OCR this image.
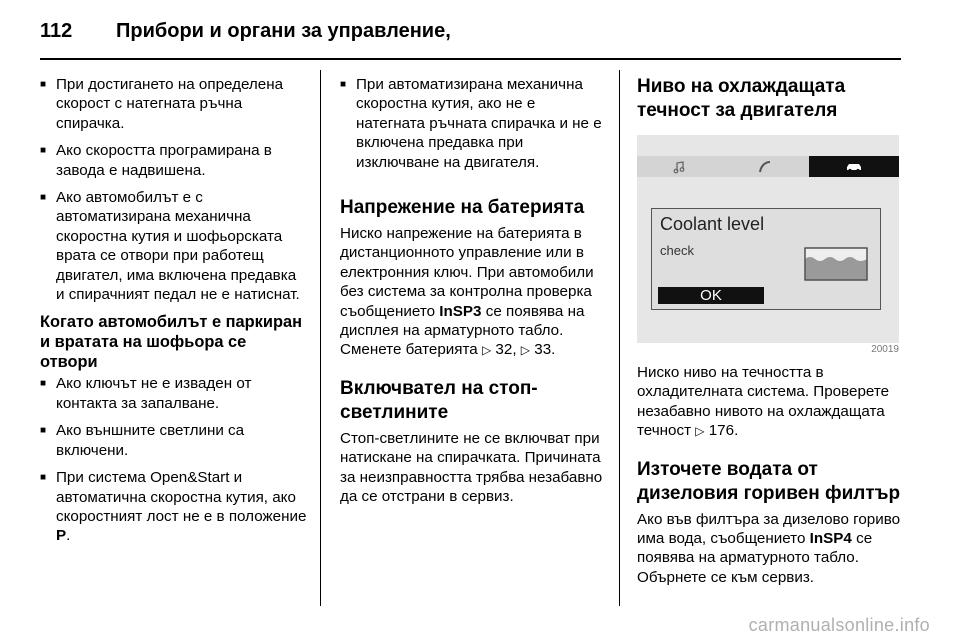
112	Прибори и органи за управление,
■ При достигането на определена скорост с натегната ръчна спирачка.
■ Ако скоростта програмирана в завода е надвишена.
■ Ако автомобилът е с автоматизирана механична скоростна кутия и шофьорската врата се отвори при работещ двигател, има включена предавка и спирачният педал не е натиснат.
Когато автомобилът е паркиран и вратата на шофьора се отвори
■ Ако ключът не е изваден от контакта за запалване.
■ Ако външните светлини са включени.
■ При система Open&Start и автоматична скоростна кутия, ако скоростният лост не е в положение P.
■ При автоматизирана механична скоростна кутия, ако не е натегната ръчната спирачка и не е включена предавка при изключване на двигателя.
Напрежение на батерията

Ниско напрежение на батерията в дистанционното управление или в електронния ключ. При автомобили без система за контролна проверка съобщението InSP3 се появява на дисплея на арматурното табло. Сменете батерията ▷ 32, ▷ 33.

Включвател на стоп-светлините

Стоп-светлините не се включват при натискане на спирачката. Причината за неизправността трябва незабавно да се отстрани в сервиз.

Ниво на охлаждащата течност за двигателя
Coolant level
check
OK
20019

Ниско ниво на течността в охладителната система. Проверете незабавно нивото на охлаждащата течност ▷ 176.

Източете водата от дизеловия горивен филтър

Ако във филтъра за дизелово гориво има вода, съобщението InSP4 се появява на арматурното табло. Обърнете се към сервиз.

carmanualsonline.info
